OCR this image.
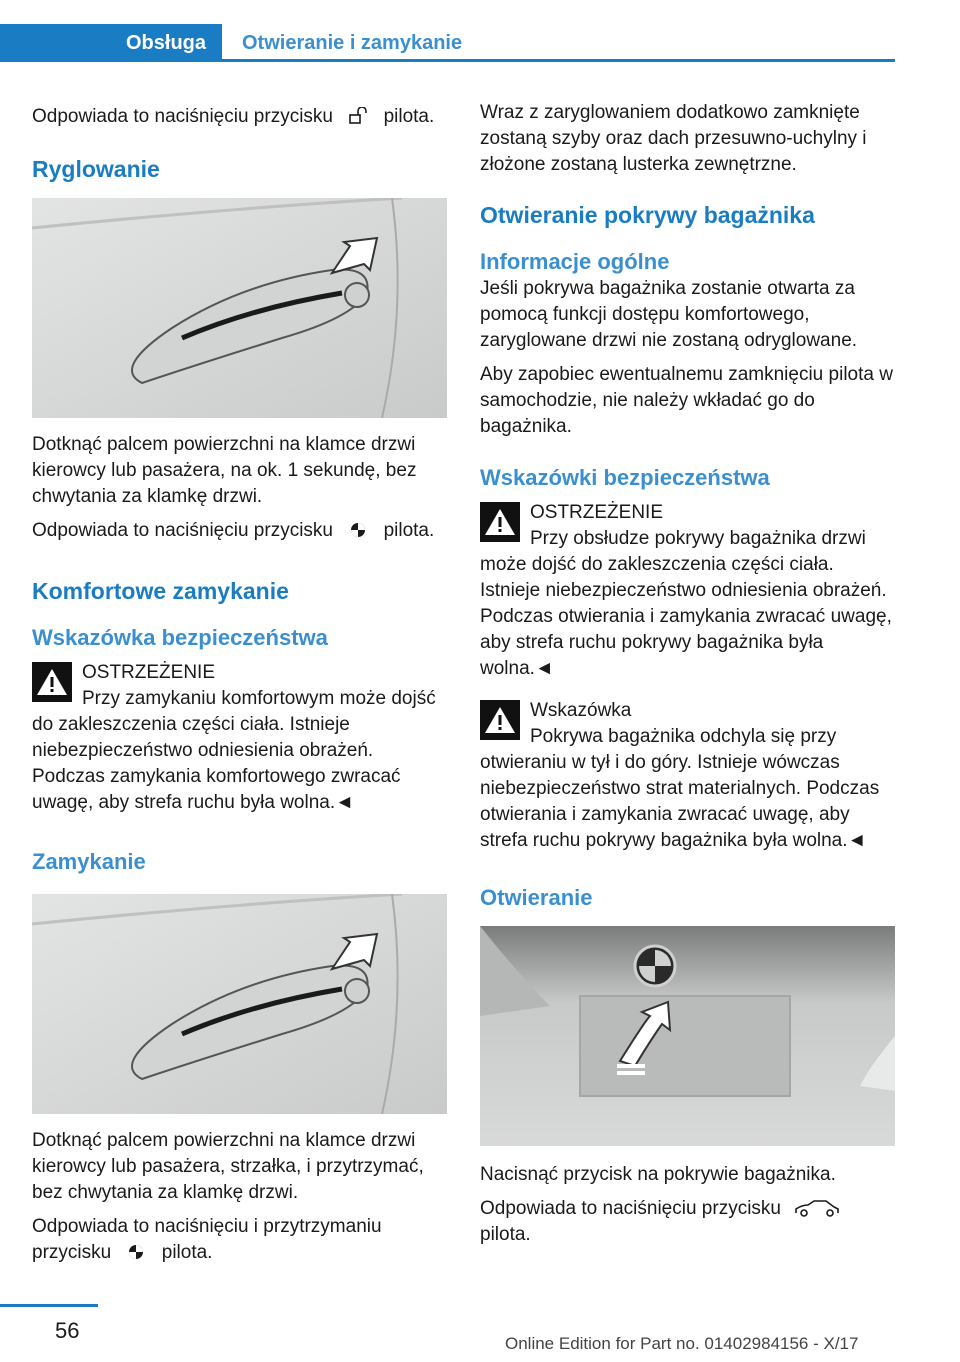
Obsługa Otwieranie i zamykanie

Odpowiada to naciśnięciu przycisku	pilota.

Ryglowanie

Dotknąć palcem powierzchni na klamce drzwi kierowcy lub pasażera, na ok. 1 sekundę, bez chwytania za klamkę drzwi.

Odpowiada to naciśnięciu przycisku	pilota.

Komfortowe zamykanie
Wskazówka bezpieczeństwa

OSTRZEŻENIE

Przy zamykaniu komfortowym może dojść do zakleszczenia części ciała. Istnieje niebezpieczeństwo odniesienia obrażeń. Podczas zamykania komfortowego zwracać uwagę, aby strefa ruchu była wolna.◄

Zamykanie

Dotknąć palcem powierzchni na klamce drzwi kierowcy lub pasażera, strzałka, i przytrzymać, bez chwytania za klamkę drzwi.

Odpowiada to naciśnięciu i przytrzymaniu przycisku	pilota.

Wraz z zaryglowaniem dodatkowo zamknięte zostaną szyby oraz dach przesuwno-uchylny i złożone zostaną lusterka zewnętrzne.

Otwieranie pokrywy bagażnika
Informacje ogólne

Jeśli pokrywa bagażnika zostanie otwarta za pomocą funkcji dostępu komfortowego, zaryglowane drzwi nie zostaną odryglowane.

Aby zapobiec ewentualnemu zamknięciu pilota w samochodzie, nie należy wkładać go do bagażnika.

Wskazówki bezpieczeństwa

OSTRZEŻENIE

Przy obsłudze pokrywy bagażnika drzwi może dojść do zakleszczenia części ciała. Istnieje niebezpieczeństwo odniesienia obrażeń. Podczas otwierania i zamykania zwracać uwagę, aby strefa ruchu pokrywy bagażnika była wolna.◄

Wskazówka

Pokrywa bagażnika odchyla się przy otwieraniu w tył i do góry. Istnieje wówczas niebezpieczeństwo strat materialnych. Podczas otwierania i zamykania zwracać uwagę, aby strefa ruchu pokrywy bagażnika była wolna.◄

Otwieranie

Nacisnąć przycisk na pokrywie bagażnika.

Odpowiada to naciśnięciu przycisku  pilota.

56
Online Edition for Part no. 01402984156 - X/17
